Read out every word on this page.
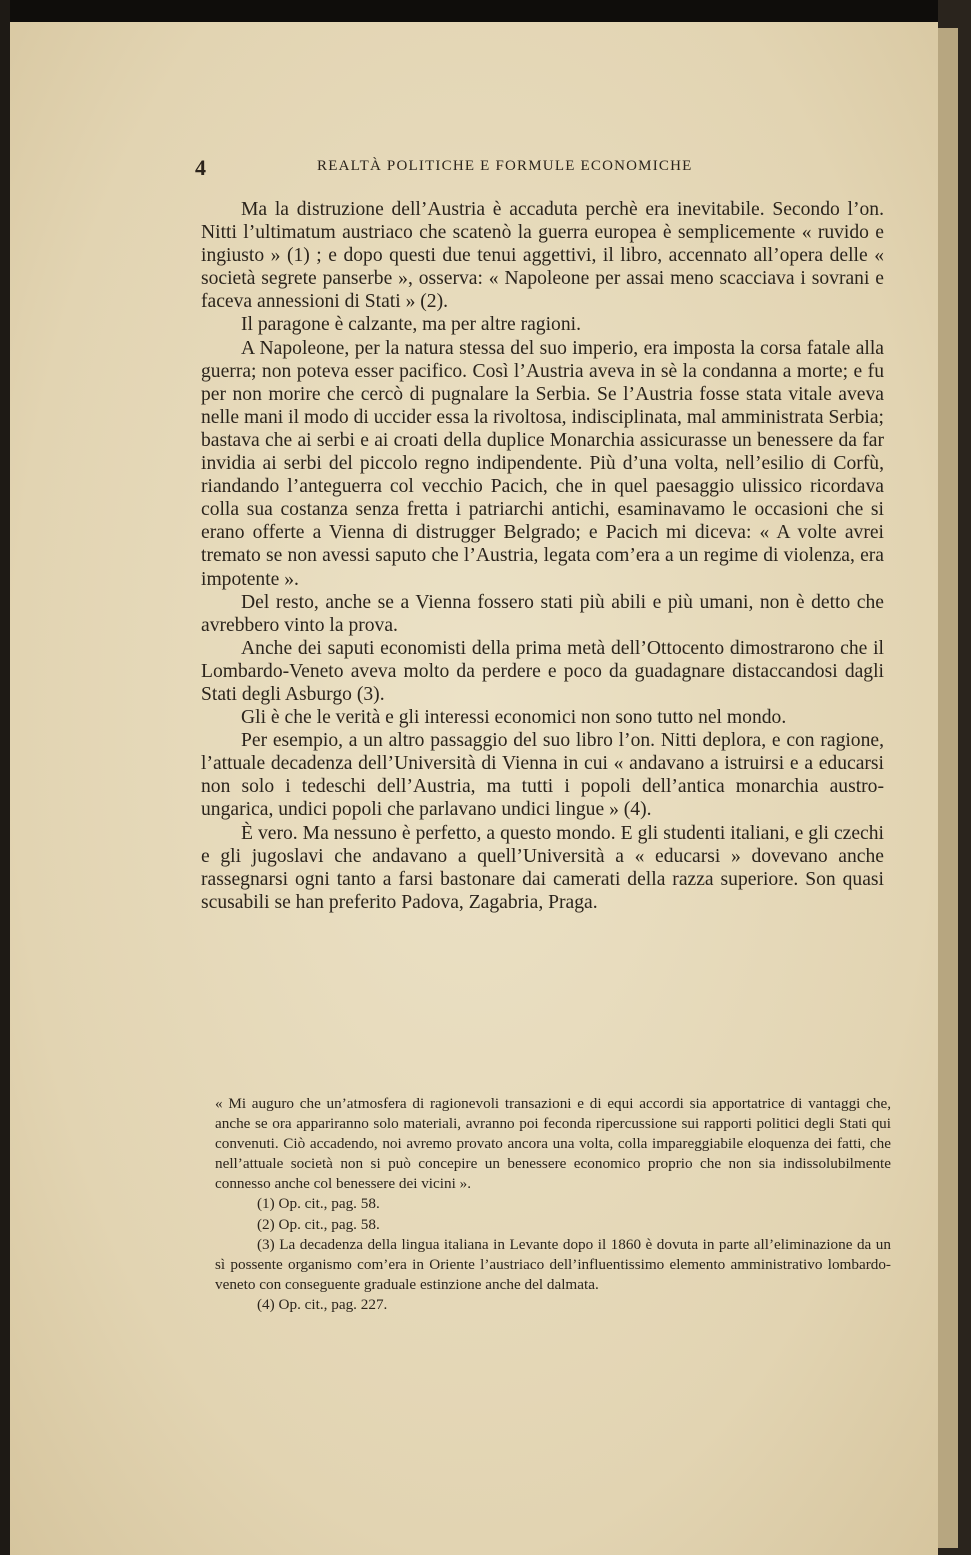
4	REALTÀ POLITICHE E FORMULE ECONOMICHE

Ma la distruzione dell’Austria è accaduta perchè era inevitabile. Secondo l’on. Nitti l’ultimatum austriaco che scatenò la guerra europea è semplicemente « ruvido e ingiusto » (1) ; e dopo questi due tenui aggettivi, il libro, accennato all’opera delle « società segrete panserbe », osserva: « Napoleone per assai meno scacciava i sovrani e faceva annessioni di Stati » (2).

Il paragone è calzante, ma per altre ragioni.

A Napoleone, per la natura stessa del suo imperio, era imposta la corsa fatale alla guerra; non poteva esser pacifico. Così l’Austria aveva in sè la condanna a morte; e fu per non morire che cercò di pugnalare la Serbia. Se l’Austria fosse stata vitale aveva nelle mani il modo di uccider essa la rivoltosa, indisciplinata, mal amministrata Serbia; bastava che ai serbi e ai croati della duplice Monarchia assicurasse un benessere da far invidia ai serbi del piccolo regno indipendente. Più d’una volta, nell’esilio di Corfù, riandando l’anteguerra col vecchio Pacich, che in quel paesaggio ulissico ricordava colla sua costanza senza fretta i patriarchi antichi, esaminavamo le occasioni che si erano offerte a Vienna di distrugger Belgrado; e Pacich mi diceva: « A volte avrei tremato se non avessi saputo che l’Austria, legata com’era a un regime di violenza, era impotente ».

Del resto, anche se a Vienna fossero stati più abili e più umani, non è detto che avrebbero vinto la prova.

Anche dei saputi economisti della prima metà dell’Ottocento dimostrarono che il Lombardo-Veneto aveva molto da perdere e poco da guadagnare distaccandosi dagli Stati degli Asburgo (3).

Gli è che le verità e gli interessi economici non sono tutto nel mondo.

Per esempio, a un altro passaggio del suo libro l’on. Nitti deplora, e con ragione, l’attuale decadenza dell’Università di Vienna in cui « andavano a istruirsi e a educarsi non solo i tedeschi dell’Austria, ma tutti i popoli dell’antica monarchia austro-ungarica, undici popoli che parlavano undici lingue » (4).

È vero. Ma nessuno è perfetto, a questo mondo. E gli studenti italiani, e gli czechi e gli jugoslavi che andavano a quell’Università a « educarsi » dovevano anche rassegnarsi ogni tanto a farsi bastonare dai camerati della razza superiore. Son quasi scusabili se han preferito Padova, Zagabria, Praga.

« Mi auguro che un’atmosfera di ragionevoli transazioni e di equi accordi sia apportatrice di vantaggi che, anche se ora appariranno solo materiali, avranno poi feconda ripercussione sui rapporti politici degli Stati qui convenuti. Ciò accadendo, noi avremo provato ancora una volta, colla impareggiabile eloquenza dei fatti, che nell’attuale società non si può concepire un benessere economico proprio che non sia indissolubilmente connesso anche col benessere dei vicini ».

(1) Op. cit., pag. 58.

(2) Op. cit., pag. 58.

(3) La decadenza della lingua italiana in Levante dopo il 1860 è dovuta in parte all’eliminazione da un sì possente organismo com’era in Oriente l’austriaco dell’influentissimo elemento amministrativo lombardo-veneto con conseguente graduale estinzione anche del dalmata.

(4) Op. cit., pag. 227.
